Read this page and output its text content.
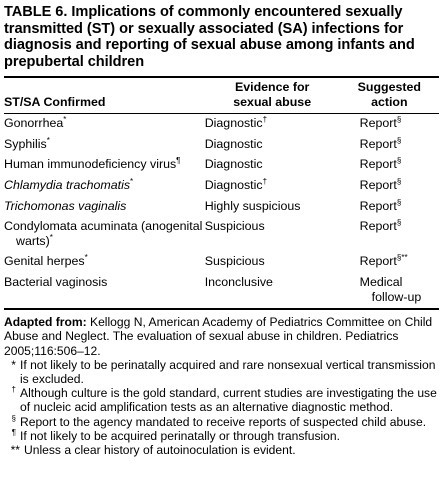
TABLE 6. Implications of commonly encountered sexually transmitted (ST) or sexually associated (SA) infections for diagnosis and reporting of sexual abuse among infants and prepubertal children

ST/SA Confirmed	Evidence for sexual abuse	Suggested action

Gonorrhea*	Diagnostic†	Report§
Syphilis*	Diagnostic	Report§

Human immunodeficiency virus¶	Diagnostic	Report§
Chlamydia trachomatis*	Diagnostic†	Report§
Trichomonas vaginalis	Highly suspicious	Report§

Condylomata acuminata (anogenital warts)*	Suspicious	Report§
Genital herpes*	Suspicious	Report§**
Bacterial vaginosis	Inconclusive	Medical follow-up

Adapted from: Kellogg N, American Academy of Pediatrics Committee on Child Abuse and Neglect. The evaluation of sexual abuse in children. Pediatrics 2005;116:506–12.

* If not likely to be perinatally acquired and rare nonsexual vertical transmission is excluded.
† Although culture is the gold standard, current studies are investigating the use of nucleic acid amplification tests as an alternative diagnostic method.
§ Report to the agency mandated to receive reports of suspected child abuse.
¶ If not likely to be acquired perinatally or through transfusion.
** Unless a clear history of autoinoculation is evident.
